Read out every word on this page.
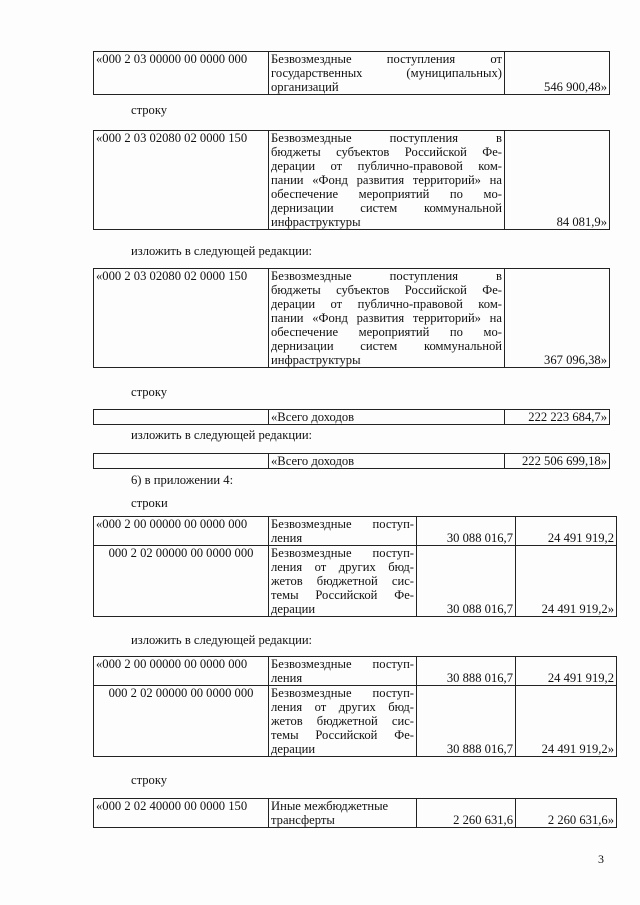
«000 2 03 00000 00 0000 000	Безвозмездные поступления от
государственных (муниципальных)
организаций	546 900,48»
строку
«000 2 03 02080 02 0000 150	Безвозмездные поступления в
бюджеты субъектов Российской Фе-
дерации от публично-правовой ком-
пании «Фонд развития территорий» на
обеспечение мероприятий по мо-
дернизации систем коммунальной
инфраструктуры	84 081,9»
изложить в следующей редакции:
«000 2 03 02080 02 0000 150	Безвозмездные поступления в
бюджеты субъектов Российской Фе-
дерации от публично-правовой ком-
пании «Фонд развития территорий» на
обеспечение мероприятий по мо-
дернизации систем коммунальной
инфраструктуры	367 096,38»
строку
	«Всего доходов	222 223 684,7»
изложить в следующей редакции:
	«Всего доходов	222 506 699,18»
6) в приложении 4:
строки
«000 2 00 00000 00 0000 000	Безвозмездные поступ-
ления	30 088 016,7	24 491 919,2
000 2 02 00000 00 0000 000	Безвозмездные поступ-
ления от других бюд-
жетов бюджетной сис-
темы Российской Фе-
дерации	30 088 016,7	24 491 919,2»
изложить в следующей редакции:
«000 2 00 00000 00 0000 000	Безвозмездные поступ-
ления	30 888 016,7	24 491 919,2
000 2 02 00000 00 0000 000	Безвозмездные поступ-
ления от других бюд-
жетов бюджетной сис-
темы Российской Фе-
дерации	30 888 016,7	24 491 919,2»
строку
«000 2 02 40000 00 0000 150	Иные межбюджетные
трансферты	2 260 631,6	2 260 631,6»
3
